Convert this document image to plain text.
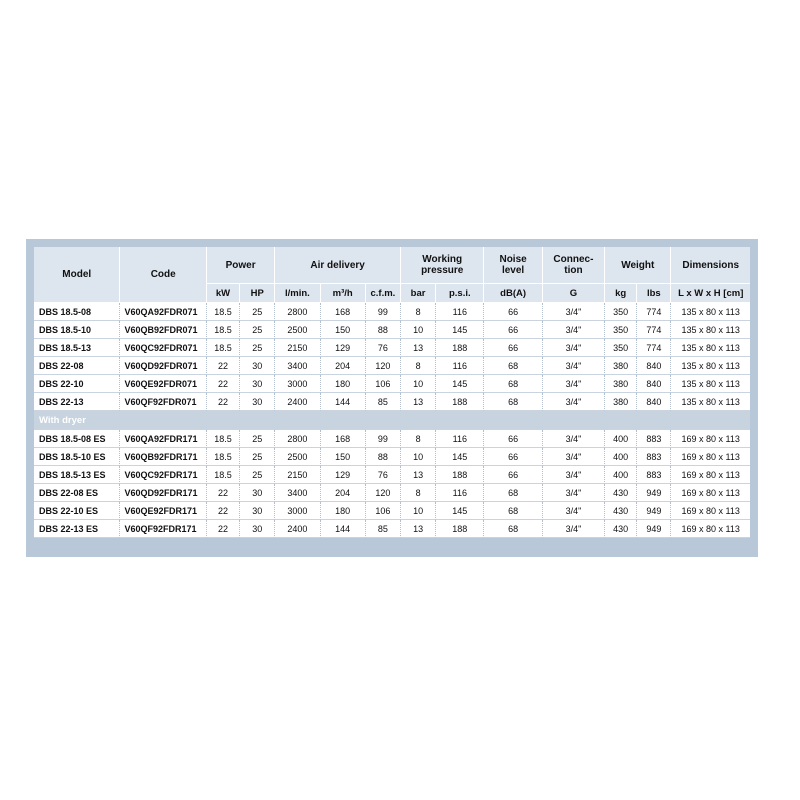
Model	Code	Power		Air delivery			Working pressure		Noise level	Connec-tion	Weight		Dimensions
		kW	HP	l/min.	m³/h	c.f.m.	bar	p.s.i.	dB(A)	G	kg	lbs	L x W x H [cm]
DBS 18.5-08	V60QA92FDR071	18.5	25	2800	168	99	8	116	66	3/4"	350	774	135 x 80 x 113
DBS 18.5-10	V60QB92FDR071	18.5	25	2500	150	88	10	145	66	3/4"	350	774	135 x 80 x 113
DBS 18.5-13	V60QC92FDR071	18.5	25	2150	129	76	13	188	66	3/4"	350	774	135 x 80 x 113
DBS 22-08	V60QD92FDR071	22	30	3400	204	120	8	116	68	3/4"	380	840	135 x 80 x 113
DBS 22-10	V60QE92FDR071	22	30	3000	180	106	10	145	68	3/4"	380	840	135 x 80 x 113
DBS 22-13	V60QF92FDR071	22	30	2400	144	85	13	188	68	3/4"	380	840	135 x 80 x 113
With dryer													
DBS 18.5-08 ES	V60QA92FDR171	18.5	25	2800	168	99	8	116	66	3/4"	400	883	169 x 80 x 113
DBS 18.5-10 ES	V60QB92FDR171	18.5	25	2500	150	88	10	145	66	3/4"	400	883	169 x 80 x 113
DBS 18.5-13 ES	V60QC92FDR171	18.5	25	2150	129	76	13	188	66	3/4"	400	883	169 x 80 x 113
DBS 22-08 ES	V60QD92FDR171	22	30	3400	204	120	8	116	68	3/4"	430	949	169 x 80 x 113
DBS 22-10 ES	V60QE92FDR171	22	30	3000	180	106	10	145	68	3/4"	430	949	169 x 80 x 113
DBS 22-13 ES	V60QF92FDR171	22	30	2400	144	85	13	188	68	3/4"	430	949	169 x 80 x 113
